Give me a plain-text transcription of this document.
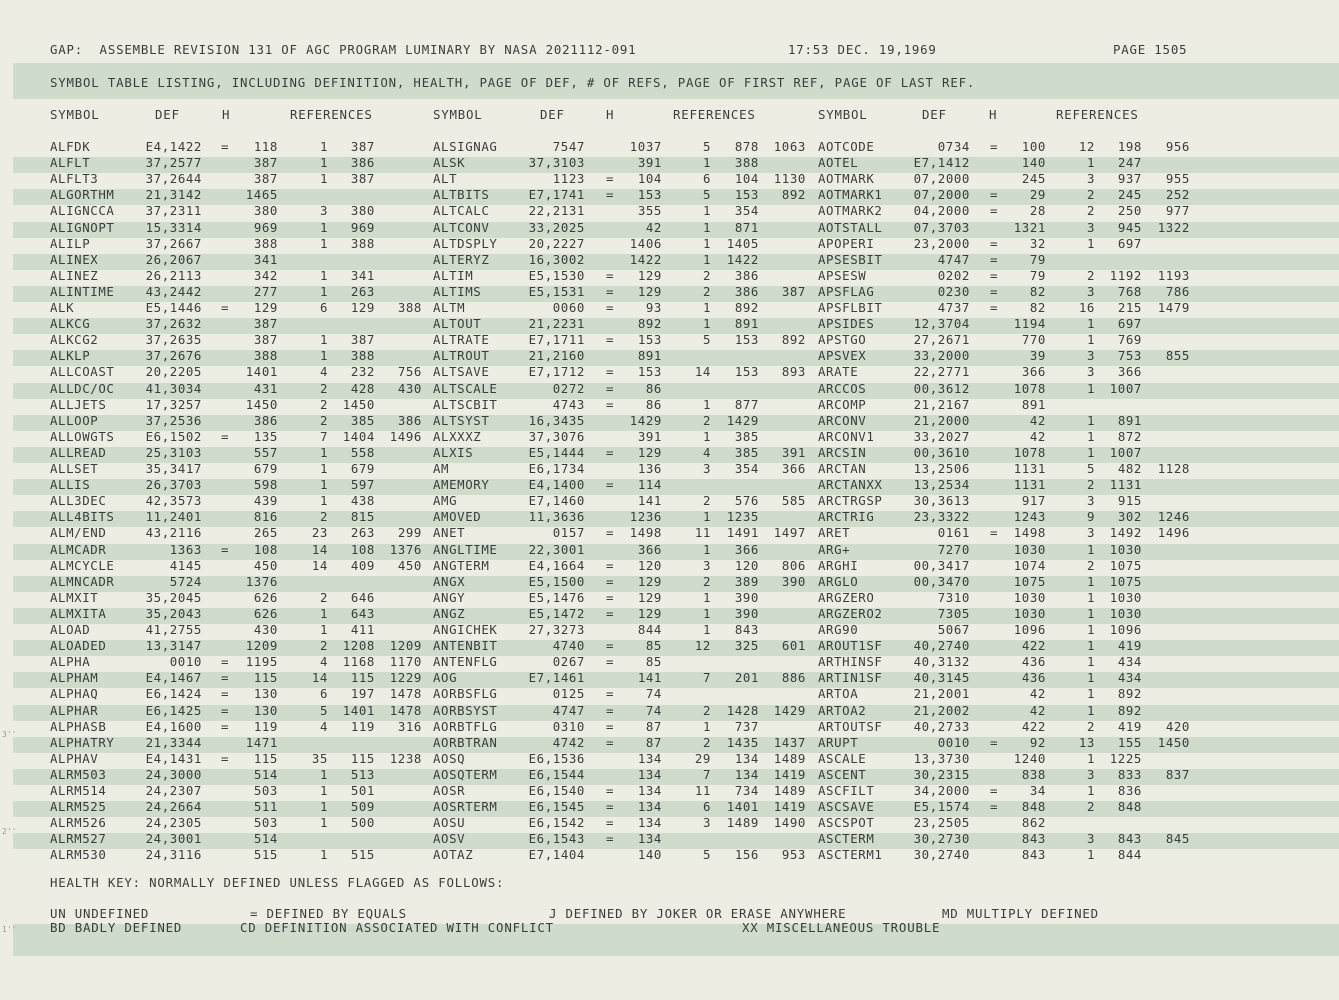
GAP:  ASSEMBLE REVISION 131 OF AGC PROGRAM LUMINARY BY NASA 2021112-091	17:53 DEC. 19,1969	PAGE 1505
SYMBOL TABLE LISTING, INCLUDING DEFINITION, HEALTH, PAGE OF DEF, # OF REFS, PAGE OF FIRST REF, PAGE OF LAST REF.
SYMBOL	DEF	H	REFERENCES	SYMBOL	DEF	H	REFERENCES	SYMBOL	DEF	H	REFERENCES
ALFDK	E4,1422 =	118	1	387	ALSIGNAG	7547	1037	5	878	1063 AOTCODE	0734 =	100	12	198	956
ALFLT	37,2577	387	1	386	ALSK	37,3103	391	1	388	AOTEL	E7,1412	140	1	247
ALFLT3	37,2644	387	1	387	ALT	1123 =	104	6	104	1130 AOTMARK	07,2000	245	3	937	955
ALGORTHM	21,3142	1465	ALTBITS	E7,1741 =	153	5	153	892 AOTMARK1	07,2000 =	29	2	245	252
ALIGNCCA	37,2311	380	3	380	ALTCALC	22,2131	355	1	354	AOTMARK2	04,2000 =	28	2	250	977
ALIGNOPT	15,3314	969	1	969	ALTCONV	33,2025	42	1	871	AOTSTALL	07,3703	1321	3	945	1322
ALILP	37,2667	388	1	388	ALTDSPLY	20,2227	1406	1	1405	APOPERI	23,2000 =	32	1	697
ALINEX	26,2067	341	ALTERYZ	16,3002	1422	1	1422	APSESBIT	4747 =	79
ALINEZ	26,2113	342	1	341	ALTIM	E5,1530 =	129	2	386	APSESW	0202 =	79	2	1192	1193
ALINTIME	43,2442	277	1	263	ALTIMS	E5,1531 =	129	2	386	387 APSFLAG	0230 =	82	3	768	786
ALK	E5,1446 =	129	6	129	388 ALTM	0060 =	93	1	892	APSFLBIT	4737 =	82	16	215	1479
ALKCG	37,2632	387	ALTOUT	21,2231	892	1	891	APSIDES	12,3704	1194	1	697
ALKCG2	37,2635	387	1	387	ALTRATE	E7,1711 =	153	5	153	892 APSTGO	27,2671	770	1	769
ALKLP	37,2676	388	1	388	ALTROUT	21,2160	891	APSVEX	33,2000	39	3	753	855
ALLCOAST	20,2205	1401	4	232	756 ALTSAVE	E7,1712 =	153	14	153	893 ARATE	22,2771	366	3	366
ALLDC/OC	41,3034	431	2	428	430 ALTSCALE	0272 =	86	ARCCOS	00,3612	1078	1	1007
ALLJETS	17,3257	1450	2	1450	ALTSCBIT	4743 =	86	1	877	ARCOMP	21,2167	891
ALLOOP	37,2536	386	2	385	386 ALTSYST	16,3435	1429	2	1429	ARCONV	21,2000	42	1	891
ALLOWGTS	E6,1502 =	135	7	1404	1496 ALXXXZ	37,3076	391	1	385	ARCONV1	33,2027	42	1	872
ALLREAD	25,3103	557	1	558	ALXIS	E5,1444 =	129	4	385	391 ARCSIN	00,3610	1078	1	1007
ALLSET	35,3417	679	1	679	AM	E6,1734	136	3	354	366 ARCTAN	13,2506	1131	5	482	1128
ALLIS	26,3703	598	1	597	AMEMORY	E4,1400 =	114	ARCTANXX	13,2534	1131	2	1131
ALL3DEC	42,3573	439	1	438	AMG	E7,1460	141	2	576	585 ARCTRGSP	30,3613	917	3	915
ALL4BITS	11,2401	816	2	815	AMOVED	11,3636	1236	1	1235	ARCTRIG	23,3322	1243	9	302	1246
ALM/END	43,2116	265	23	263	299 ANET	0157 =	1498	11	1491	1497 ARET	0161 =	1498	3	1492	1496
ALMCADR	1363 =	108	14	108	1376 ANGLTIME	22,3001	366	1	366	ARG+	7270	1030	1	1030
ALMCYCLE	4145	450	14	409	450 ANGTERM	E4,1664 =	120	3	120	806 ARGHI	00,3417	1074	2	1075
ALMNCADR	5724	1376	ANGX	E5,1500 =	129	2	389	390 ARGLO	00,3470	1075	1	1075
ALMXIT	35,2045	626	2	646	ANGY	E5,1476 =	129	1	390	ARGZERO	7310	1030	1	1030
ALMXITA	35,2043	626	1	643	ANGZ	E5,1472 =	129	1	390	ARGZERO2	7305	1030	1	1030
ALOAD	41,2755	430	1	411	ANGICHEK	27,3273	844	1	843	ARG90	5067	1096	1	1096
ALOADED	13,3147	1209	2	1208	1209 ANTENBIT	4740 =	85	12	325	601 AROUT1SF	40,2740	422	1	419
ALPHA	0010 =	1195	4	1168	1170 ANTENFLG	0267 =	85	ARTHINSF	40,3132	436	1	434
ALPHAM	E4,1467 =	115	14	115	1229 AOG	E7,1461	141	7	201	886 ARTIN1SF	40,3145	436	1	434
ALPHAQ	E6,1424 =	130	6	197	1478 AORBSFLG	0125 =	74	ARTOA	21,2001	42	1	892
ALPHAR	E6,1425 =	130	5	1401	1478 AORBSYST	4747 =	74	2	1428	1429 ARTOA2	21,2002	42	1	892
ALPHASB	E4,1600 =	119	4	119	316 AORBTFLG	0310 =	87	1	737	ARTOUTSF	40,2733	422	2	419	420
ALPHATRY	21,3344	1471	AORBTRAN	4742 =	87	2	1435	1437 ARUPT	0010 =	92	13	155	1450
ALPHAV	E4,1431 =	115	35	115	1238 AOSQ	E6,1536	134	29	134	1489 ASCALE	13,3730	1240	1	1225
ALRM503	24,3000	514	1	513	AOSQTERM	E6,1544	134	7	134	1419 ASCENT	30,2315	838	3	833	837
ALRM514	24,2307	503	1	501	AOSR	E6,1540 =	134	11	734	1489 ASCFILT	34,2000 =	34	1	836
ALRM525	24,2664	511	1	509	AOSRTERM	E6,1545 =	134	6	1401	1419 ASCSAVE	E5,1574 =	848	2	848
ALRM526	24,2305	503	1	500	AOSU	E6,1542 =	134	3	1489	1490 ASCSPOT	23,2505	862
ALRM527	24,3001	514	AOSV	E6,1543 =	134	ASCTERM	30,2730	843	3	843	845
ALRM530	24,3116	515	1	515	AOTAZ	E7,1404	140	5	156	953 ASCTERM1	30,2740	843	1	844
HEALTH KEY: NORMALLY DEFINED UNLESS FLAGGED AS FOLLOWS:
UN UNDEFINED	= DEFINED BY EQUALS	J DEFINED BY JOKER OR ERASE ANYWHERE	MD MULTIPLY DEFINED
BD BADLY DEFINED	CD DEFINITION ASSOCIATED WITH CONFLICT	XX MISCELLANEOUS TROUBLE
3''
2''
1''
